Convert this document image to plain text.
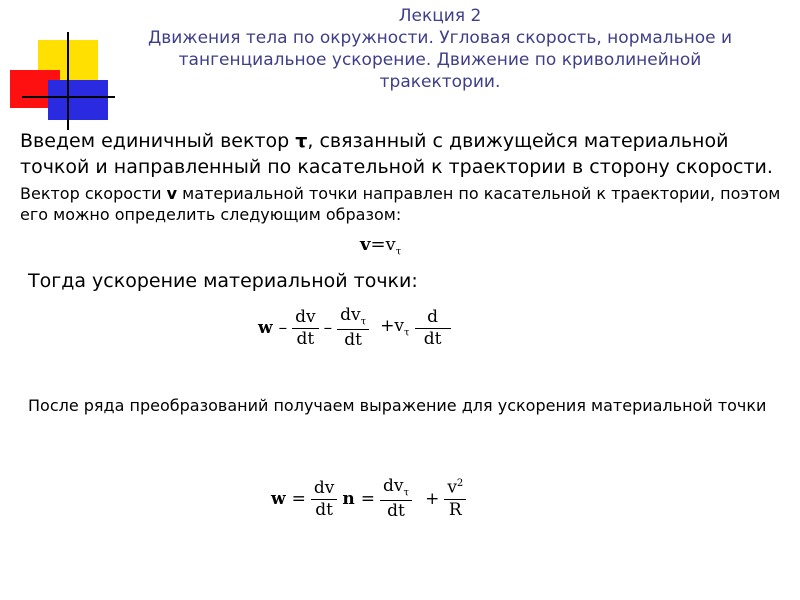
Лекция 2
Движения тела по окружности. Угловая скорость, нормальное и
тангенциальное ускорение. Движение по криволинейной
тракектории.
Введем единичный вектор τ, связанный с движущейся материальной точкой и направленный по касательной к траектории в сторону скорости.
Вектор скорости v материальной точки направлен по касательной к траектории, поэтом его можно определить следующим образом:
$v=v_\tau$
Тогда ускорение материальной точки:
$w - \frac{dv}{dt} - \frac{dv_\tau}{dt} +v_\tau \frac{d}{dt}$
После ряда преобразований получаем выражение для ускорения материальной точки
$w = \frac{dv}{dt}$ $n = \frac{dv_\tau}{dt} + \frac{v^2}{R}$
